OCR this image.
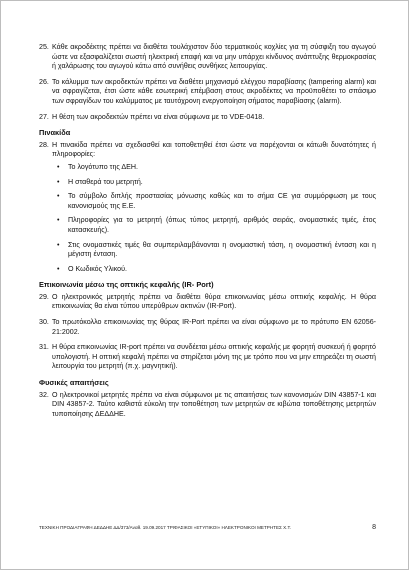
25. Κάθε ακροδέκτης πρέπει να διαθέτει τουλάχιστον δύο τερματικούς κοχλίες για τη σύσφιξη του αγωγού ώστε να εξασφαλίζεται σωστή ηλεκτρική επαφή και να μην υπάρχει κίνδυνος ανάπτυξης θερμοκρασίας ή χαλάρωσης του αγωγού κάτω από συνήθεις συνθήκες λειτουργίας.
26. Το κάλυμμα των ακροδεκτών πρέπει να διαθέτει μηχανισμό ελέγχου παραβίασης (tampering alarm) και να σφραγίζεται, έτσι ώστε κάθε εσωτερική επέμβαση στους ακροδέκτες να προϋποθέτει το σπάσιμο των σφραγίδων του καλύμματος με ταυτόχρονη ενεργοποίηση σήματος παραβίασης (alarm).
27. Η θέση των ακροδεκτών πρέπει να είναι σύμφωνα με το VDE-0418.
Πινακίδα
28. Η πινακίδα πρέπει να σχεδιασθεί και τοποθετηθεί έτσι ώστε να παρέχονται οι κάτωθι δυνατότητες ή πληροφορίες:
• Το λογότυπο της ΔΕΗ.
• Η σταθερά του μετρητή.
• Το σύμβολο διπλής προστασίας μόνωσης καθώς και το σήμα CE για συμμόρφωση με τους κανονισμούς της Ε.Ε.
• Πληροφορίες για το μετρητή (όπως τύπος μετρητή, αριθμός σειράς, ονομαστικές τιμές, έτος κατασκευής).
• Στις ονομαστικές τιμές θα συμπεριλαμβάνονται η ονομαστική τάση, η ονομαστική ένταση και η μέγιστη ένταση.
• Ο Κωδικός Υλικού.
Επικοινωνία μέσω της οπτικής κεφαλής (IR- Port)
29. Ο ηλεκτρονικός μετρητής πρέπει να διαθέτει θύρα επικοινωνίας μέσω οπτικής κεφαλής. Η θύρα επικοινωνίας θα είναι τύπου υπερύθρων ακτινών (IR-Port).
30. Το πρωτόκολλο επικοινωνίας της θύρας IR-Port πρέπει να είναι σύμφωνο με το πρότυπο EN 62056-21:2002.
31. Η θύρα επικοινωνίας IR-port πρέπει να συνδέεται μέσω οπτικής κεφαλής με φορητή συσκευή ή φορητό υπολογιστή. Η οπτική κεφαλή πρέπει να στηρίζεται μόνη της με τρόπο που να μην επηρεάζει τη σωστή λειτουργία του μετρητή (π.χ. μαγνητική).
Φυσικές απαιτήσεις
32. Ο ηλεκτρονικοί μετρητές πρέπει να είναι σύμφωνοι με τις απαιτήσεις των κανονισμών DIN 43857-1 και DIN 43857-2. Ταύτο καθιστά εύκολη την τοποθέτηση των μετρητών σε κιβώτια τοποθέτησης μετρητών τυποποίησης ΔΕΔΔΗΕ.
ΤΕΧΝΙΚΗ ΠΡΟΔΙΑΓΡΑΦΗ ΔΕΔΔΗΕ ΔΔ/373/Αναθ. 19.09.2017 ΤΡΙΦΑΣΙΚΟΙ «ΕΤΥΠΙΚΟΙ» ΗΛΕΚΤΡΟΝΙΚΟΙ ΜΕΤΡΗΤΕΣ Χ.Τ.	8
